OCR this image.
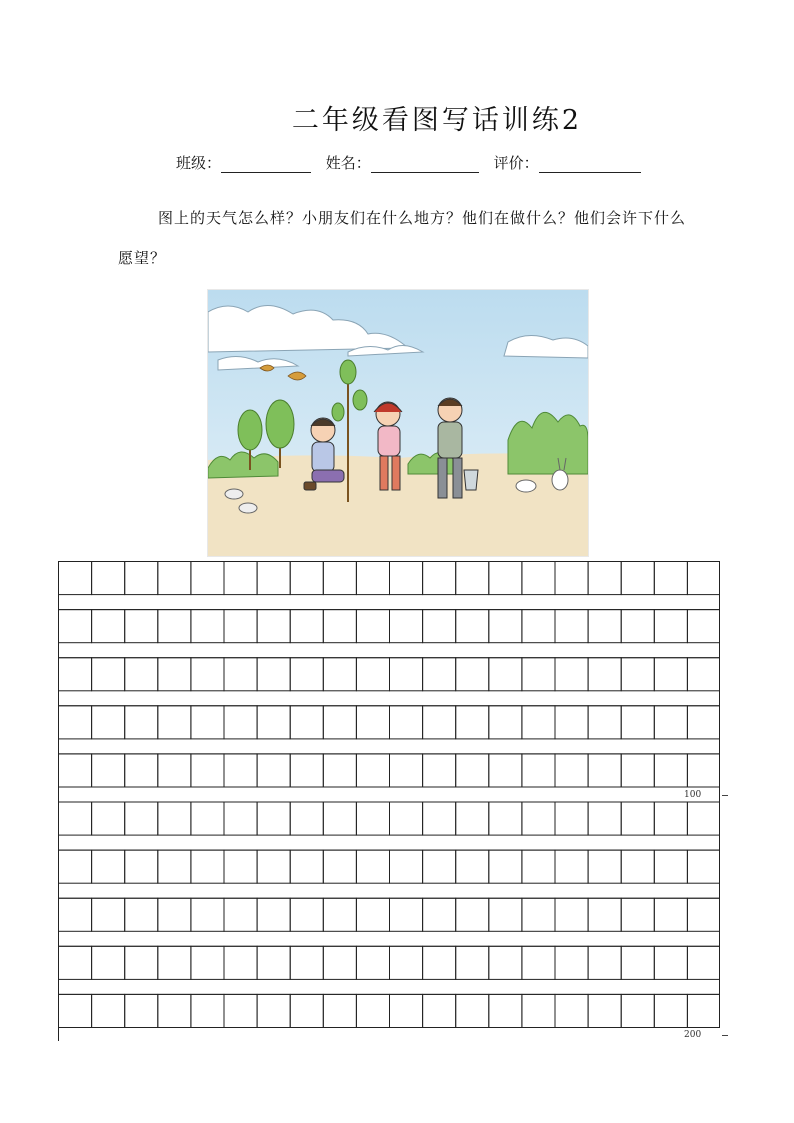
二年级看图写话训练2
班级：	姓名：	评价：
图上的天气怎么样？小朋友们在什么地方？他们在做什么？他们会许下什么愿望？
100
200
